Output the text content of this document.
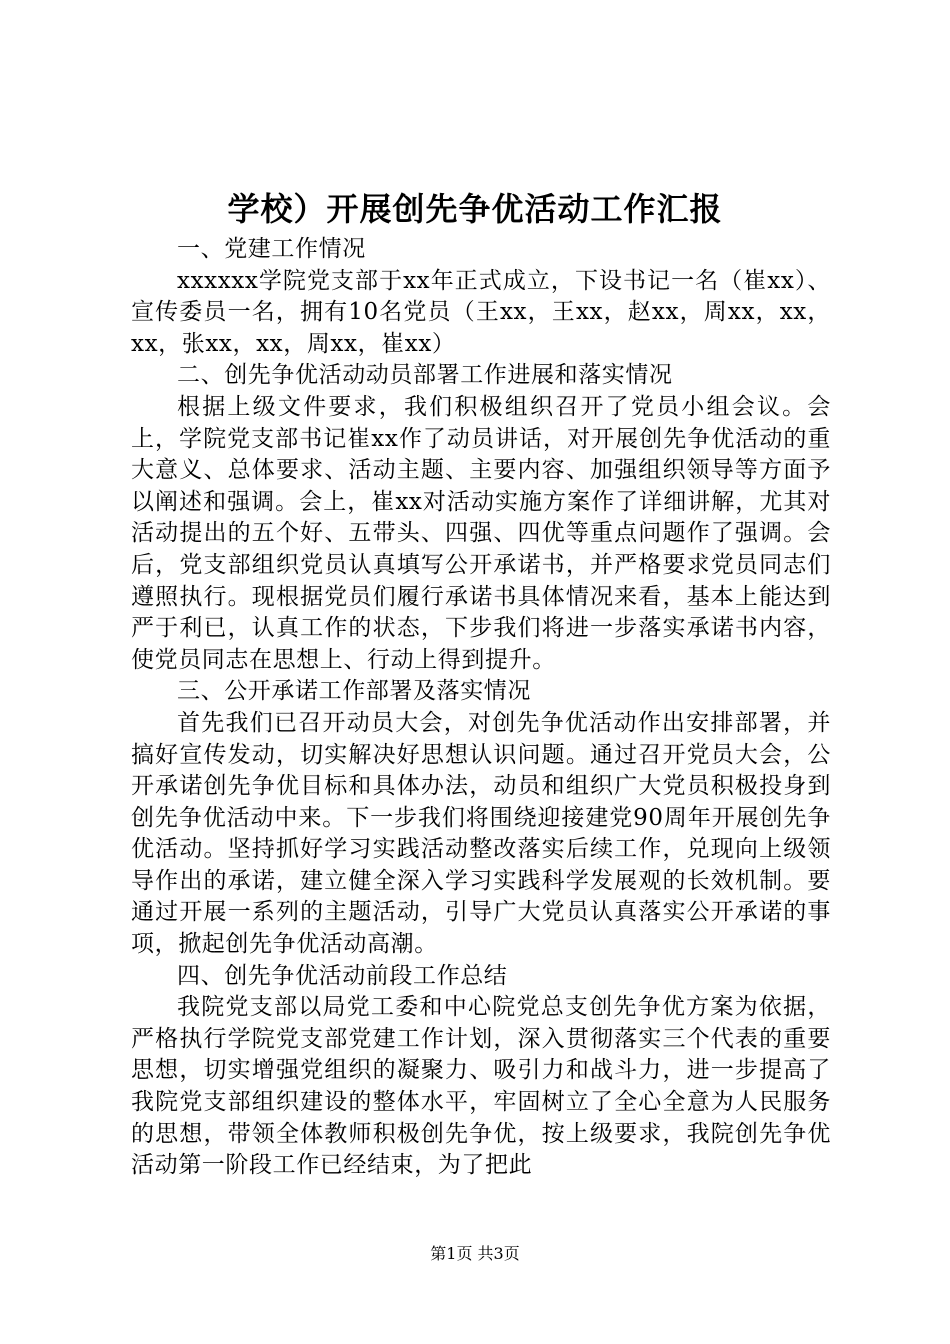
学校）开展创先争优活动工作汇报

一、党建工作情况

xxxxxx学院党支部于xx年正式成立，下设书记一名（崔xx）、宣传委员一名，拥有10名党员（王xx，王xx，赵xx，周xx，xx，xx，张xx，xx，周xx，崔xx）

二、创先争优活动动员部署工作进展和落实情况

根据上级文件要求，我们积极组织召开了党员小组会议。会上，学院党支部书记崔xx作了动员讲话，对开展创先争优活动的重大意义、总体要求、活动主题、主要内容、加强组织领导等方面予以阐述和强调。会上，崔xx对活动实施方案作了详细讲解，尤其对活动提出的五个好、五带头、四强、四优等重点问题作了强调。会后，党支部组织党员认真填写公开承诺书，并严格要求党员同志们遵照执行。现根据党员们履行承诺书具体情况来看，基本上能达到严于利已，认真工作的状态，下步我们将进一步落实承诺书内容，使党员同志在思想上、行动上得到提升。

三、公开承诺工作部署及落实情况

首先我们已召开动员大会，对创先争优活动作出安排部署，并搞好宣传发动，切实解决好思想认识问题。通过召开党员大会，公开承诺创先争优目标和具体办法，动员和组织广大党员积极投身到创先争优活动中来。下一步我们将围绕迎接建党90周年开展创先争优活动。坚持抓好学习实践活动整改落实后续工作，兑现向上级领导作出的承诺，建立健全深入学习实践科学发展观的长效机制。要通过开展一系列的主题活动，引导广大党员认真落实公开承诺的事项，掀起创先争优活动高潮。

四、创先争优活动前段工作总结

我院党支部以局党工委和中心院党总支创先争优方案为依据，严格执行学院党支部党建工作计划，深入贯彻落实三个代表的重要思想，切实增强党组织的凝聚力、吸引力和战斗力，进一步提高了我院党支部组织建设的整体水平，牢固树立了全心全意为人民服务的思想，带领全体教师积极创先争优，按上级要求，我院创先争优活动第一阶段工作已经结束，为了把此

第1页 共3页
